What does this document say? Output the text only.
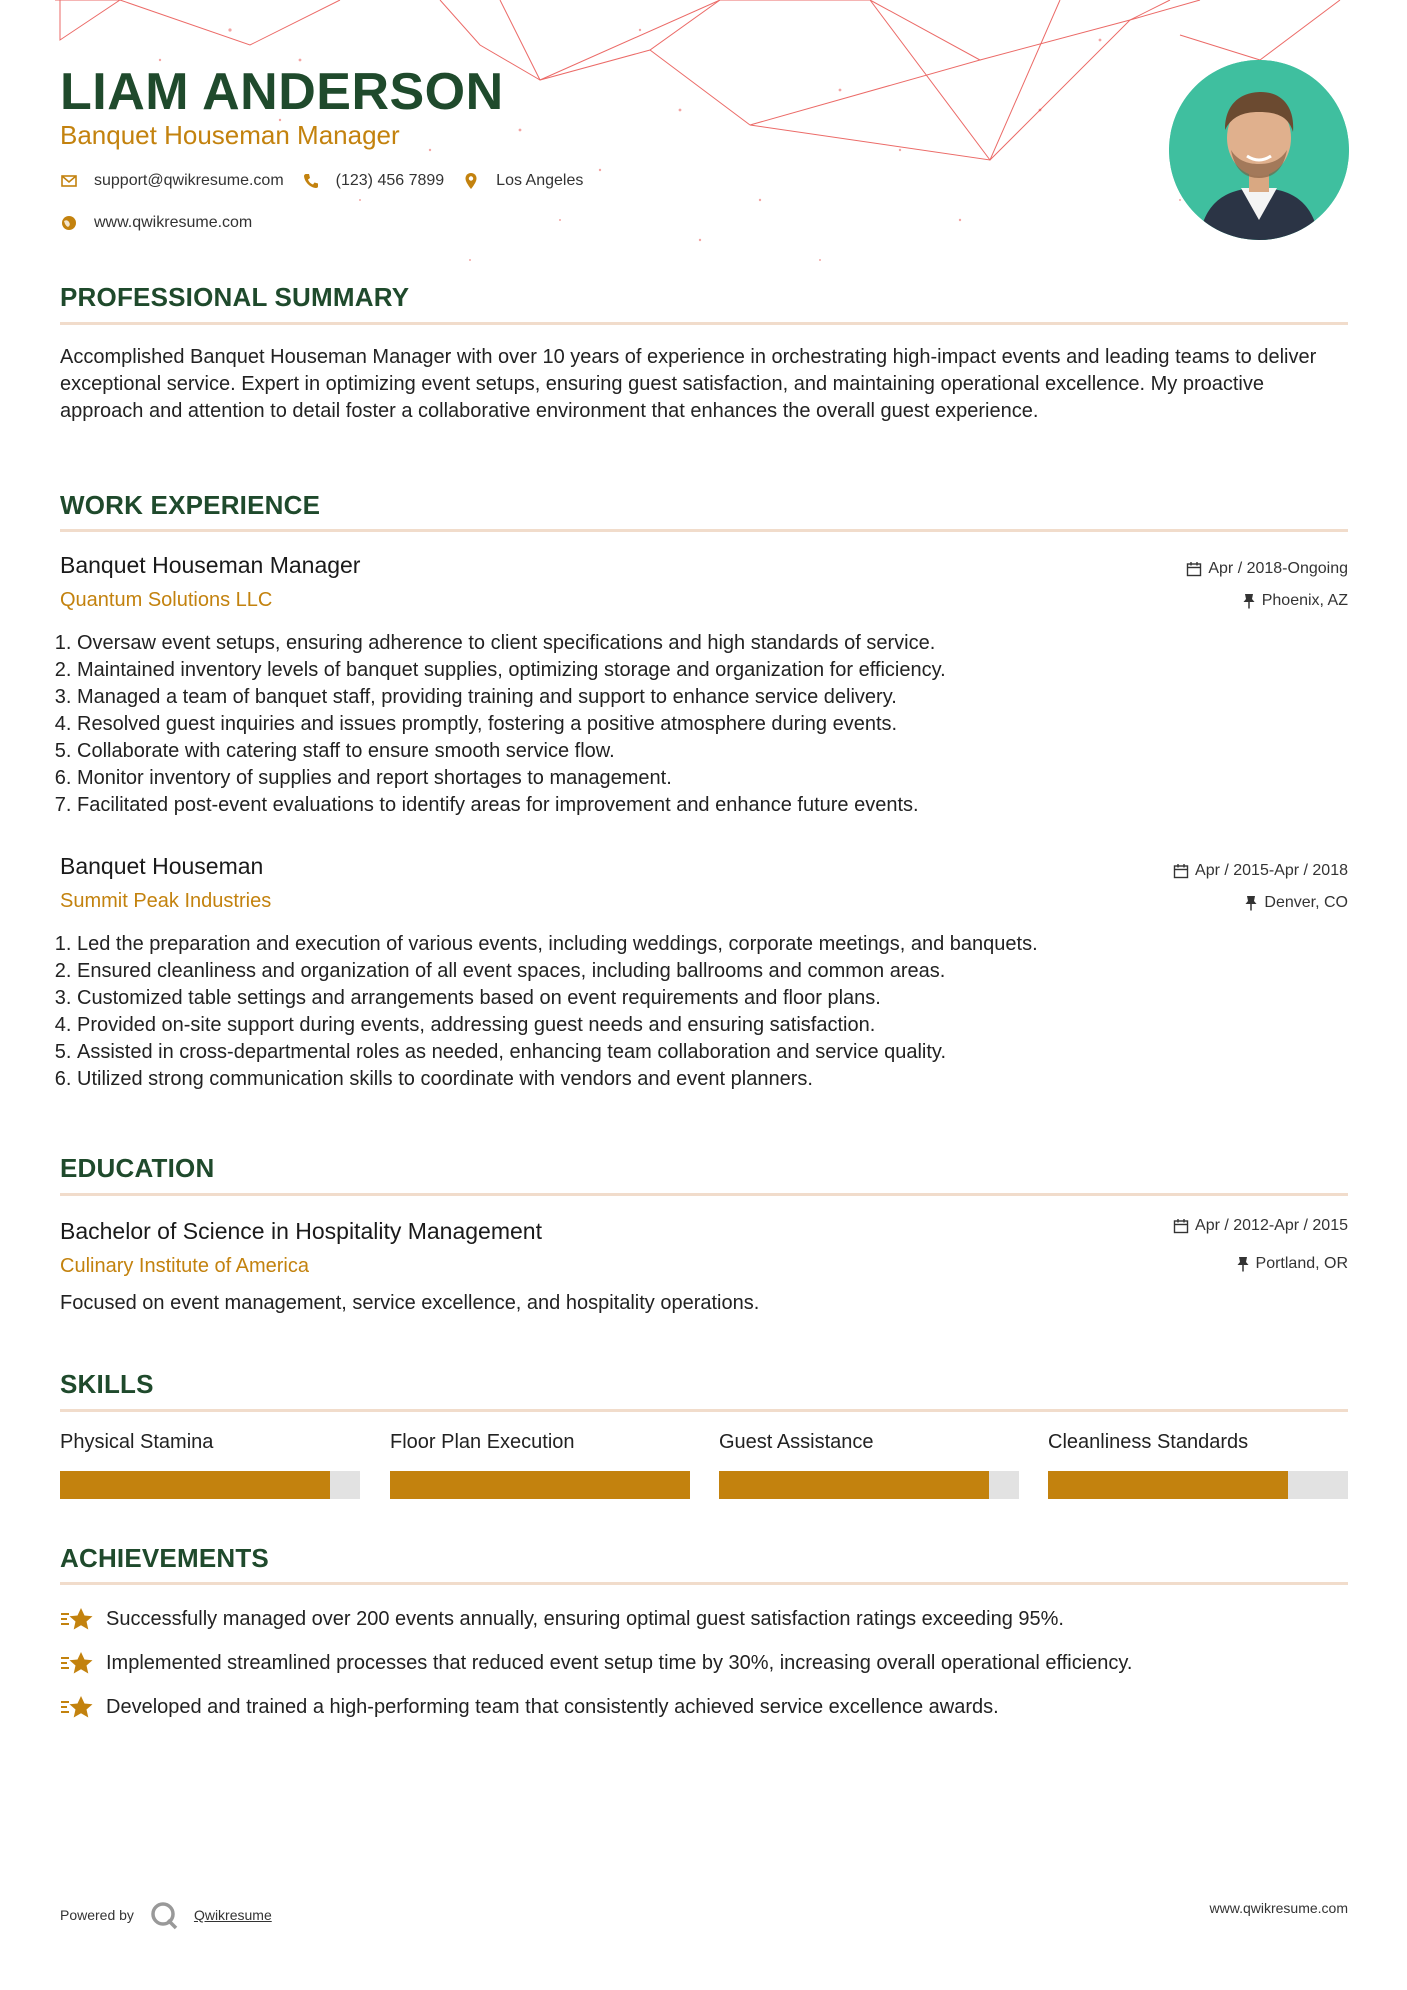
LIAM ANDERSON
Banquet Houseman Manager
support@qwikresume.com	(123) 456 7899	Los Angeles
www.qwikresume.com
PROFESSIONAL SUMMARY
Accomplished Banquet Houseman Manager with over 10 years of experience in orchestrating high-impact events and leading teams to deliver exceptional service. Expert in optimizing event setups, ensuring guest satisfaction, and maintaining operational excellence. My proactive approach and attention to detail foster a collaborative environment that enhances the overall guest experience.
WORK EXPERIENCE
Banquet Houseman Manager
Quantum Solutions LLC
Apr / 2018-Ongoing
Phoenix, AZ
1. Oversaw event setups, ensuring adherence to client specifications and high standards of service.
2. Maintained inventory levels of banquet supplies, optimizing storage and organization for efficiency.
3. Managed a team of banquet staff, providing training and support to enhance service delivery.
4. Resolved guest inquiries and issues promptly, fostering a positive atmosphere during events.
5. Collaborate with catering staff to ensure smooth service flow.
6. Monitor inventory of supplies and report shortages to management.
7. Facilitated post-event evaluations to identify areas for improvement and enhance future events.
Banquet Houseman
Summit Peak Industries
Apr / 2015-Apr / 2018
Denver, CO
1. Led the preparation and execution of various events, including weddings, corporate meetings, and banquets.
2. Ensured cleanliness and organization of all event spaces, including ballrooms and common areas.
3. Customized table settings and arrangements based on event requirements and floor plans.
4. Provided on-site support during events, addressing guest needs and ensuring satisfaction.
5. Assisted in cross-departmental roles as needed, enhancing team collaboration and service quality.
6. Utilized strong communication skills to coordinate with vendors and event planners.
EDUCATION
Bachelor of Science in Hospitality Management
Culinary Institute of America
Apr / 2012-Apr / 2015
Portland, OR
Focused on event management, service excellence, and hospitality operations.
SKILLS
Physical Stamina	Floor Plan Execution	Guest Assistance	Cleanliness Standards
ACHIEVEMENTS
Successfully managed over 200 events annually, ensuring optimal guest satisfaction ratings exceeding 95%.
Implemented streamlined processes that reduced event setup time by 30%, increasing overall operational efficiency.
Developed and trained a high-performing team that consistently achieved service excellence awards.
Powered by	Qwikresume	www.qwikresume.com
